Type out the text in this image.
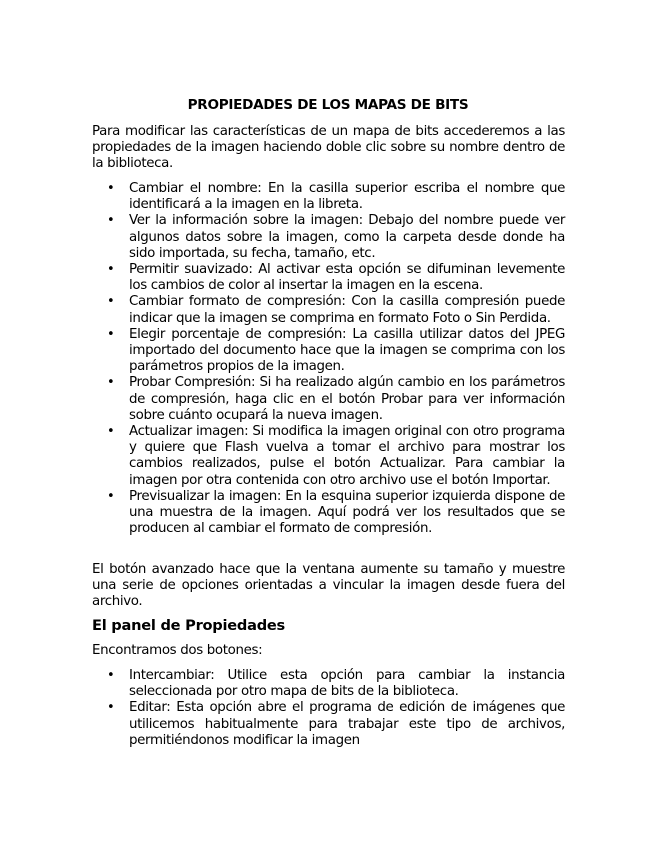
PROPIEDADES DE LOS MAPAS DE BITS

Para modificar las características de un mapa de bits accederemos a las propiedades de la imagen haciendo doble clic sobre su nombre dentro de la biblioteca.

• Cambiar el nombre: En la casilla superior escriba el nombre que identificará a la imagen en la libreta.
• Ver la información sobre la imagen: Debajo del nombre puede ver algunos datos sobre la imagen, como la carpeta desde donde ha sido importada, su fecha, tamaño, etc.
• Permitir suavizado: Al activar esta opción se difuminan levemente los cambios de color al insertar la imagen en la escena.
• Cambiar formato de compresión: Con la casilla compresión puede indicar que la imagen se comprima en formato Foto o Sin Perdida.
• Elegir porcentaje de compresión: La casilla utilizar datos del JPEG importado del documento hace que la imagen se comprima con los parámetros propios de la imagen.
• Probar Compresión: Si ha realizado algún cambio en los parámetros de compresión, haga clic en el botón Probar para ver información sobre cuánto ocupará la nueva imagen.
• Actualizar imagen: Si modifica la imagen original con otro programa y quiere que Flash vuelva a tomar el archivo para mostrar los cambios realizados, pulse el botón Actualizar. Para cambiar la imagen por otra contenida con otro archivo use el botón Importar.
• Previsualizar la imagen: En la esquina superior izquierda dispone de una muestra de la imagen. Aquí podrá ver los resultados que se producen al cambiar el formato de compresión.

El botón avanzado hace que la ventana aumente su tamaño y muestre una serie de opciones orientadas a vincular la imagen desde fuera del archivo.

El panel de Propiedades

Encontramos dos botones:

• Intercambiar: Utilice esta opción para cambiar la instancia seleccionada por otro mapa de bits de la biblioteca.
• Editar: Esta opción abre el programa de edición de imágenes que utilicemos habitualmente para trabajar este tipo de archivos, permitiéndonos modificar la imagen
